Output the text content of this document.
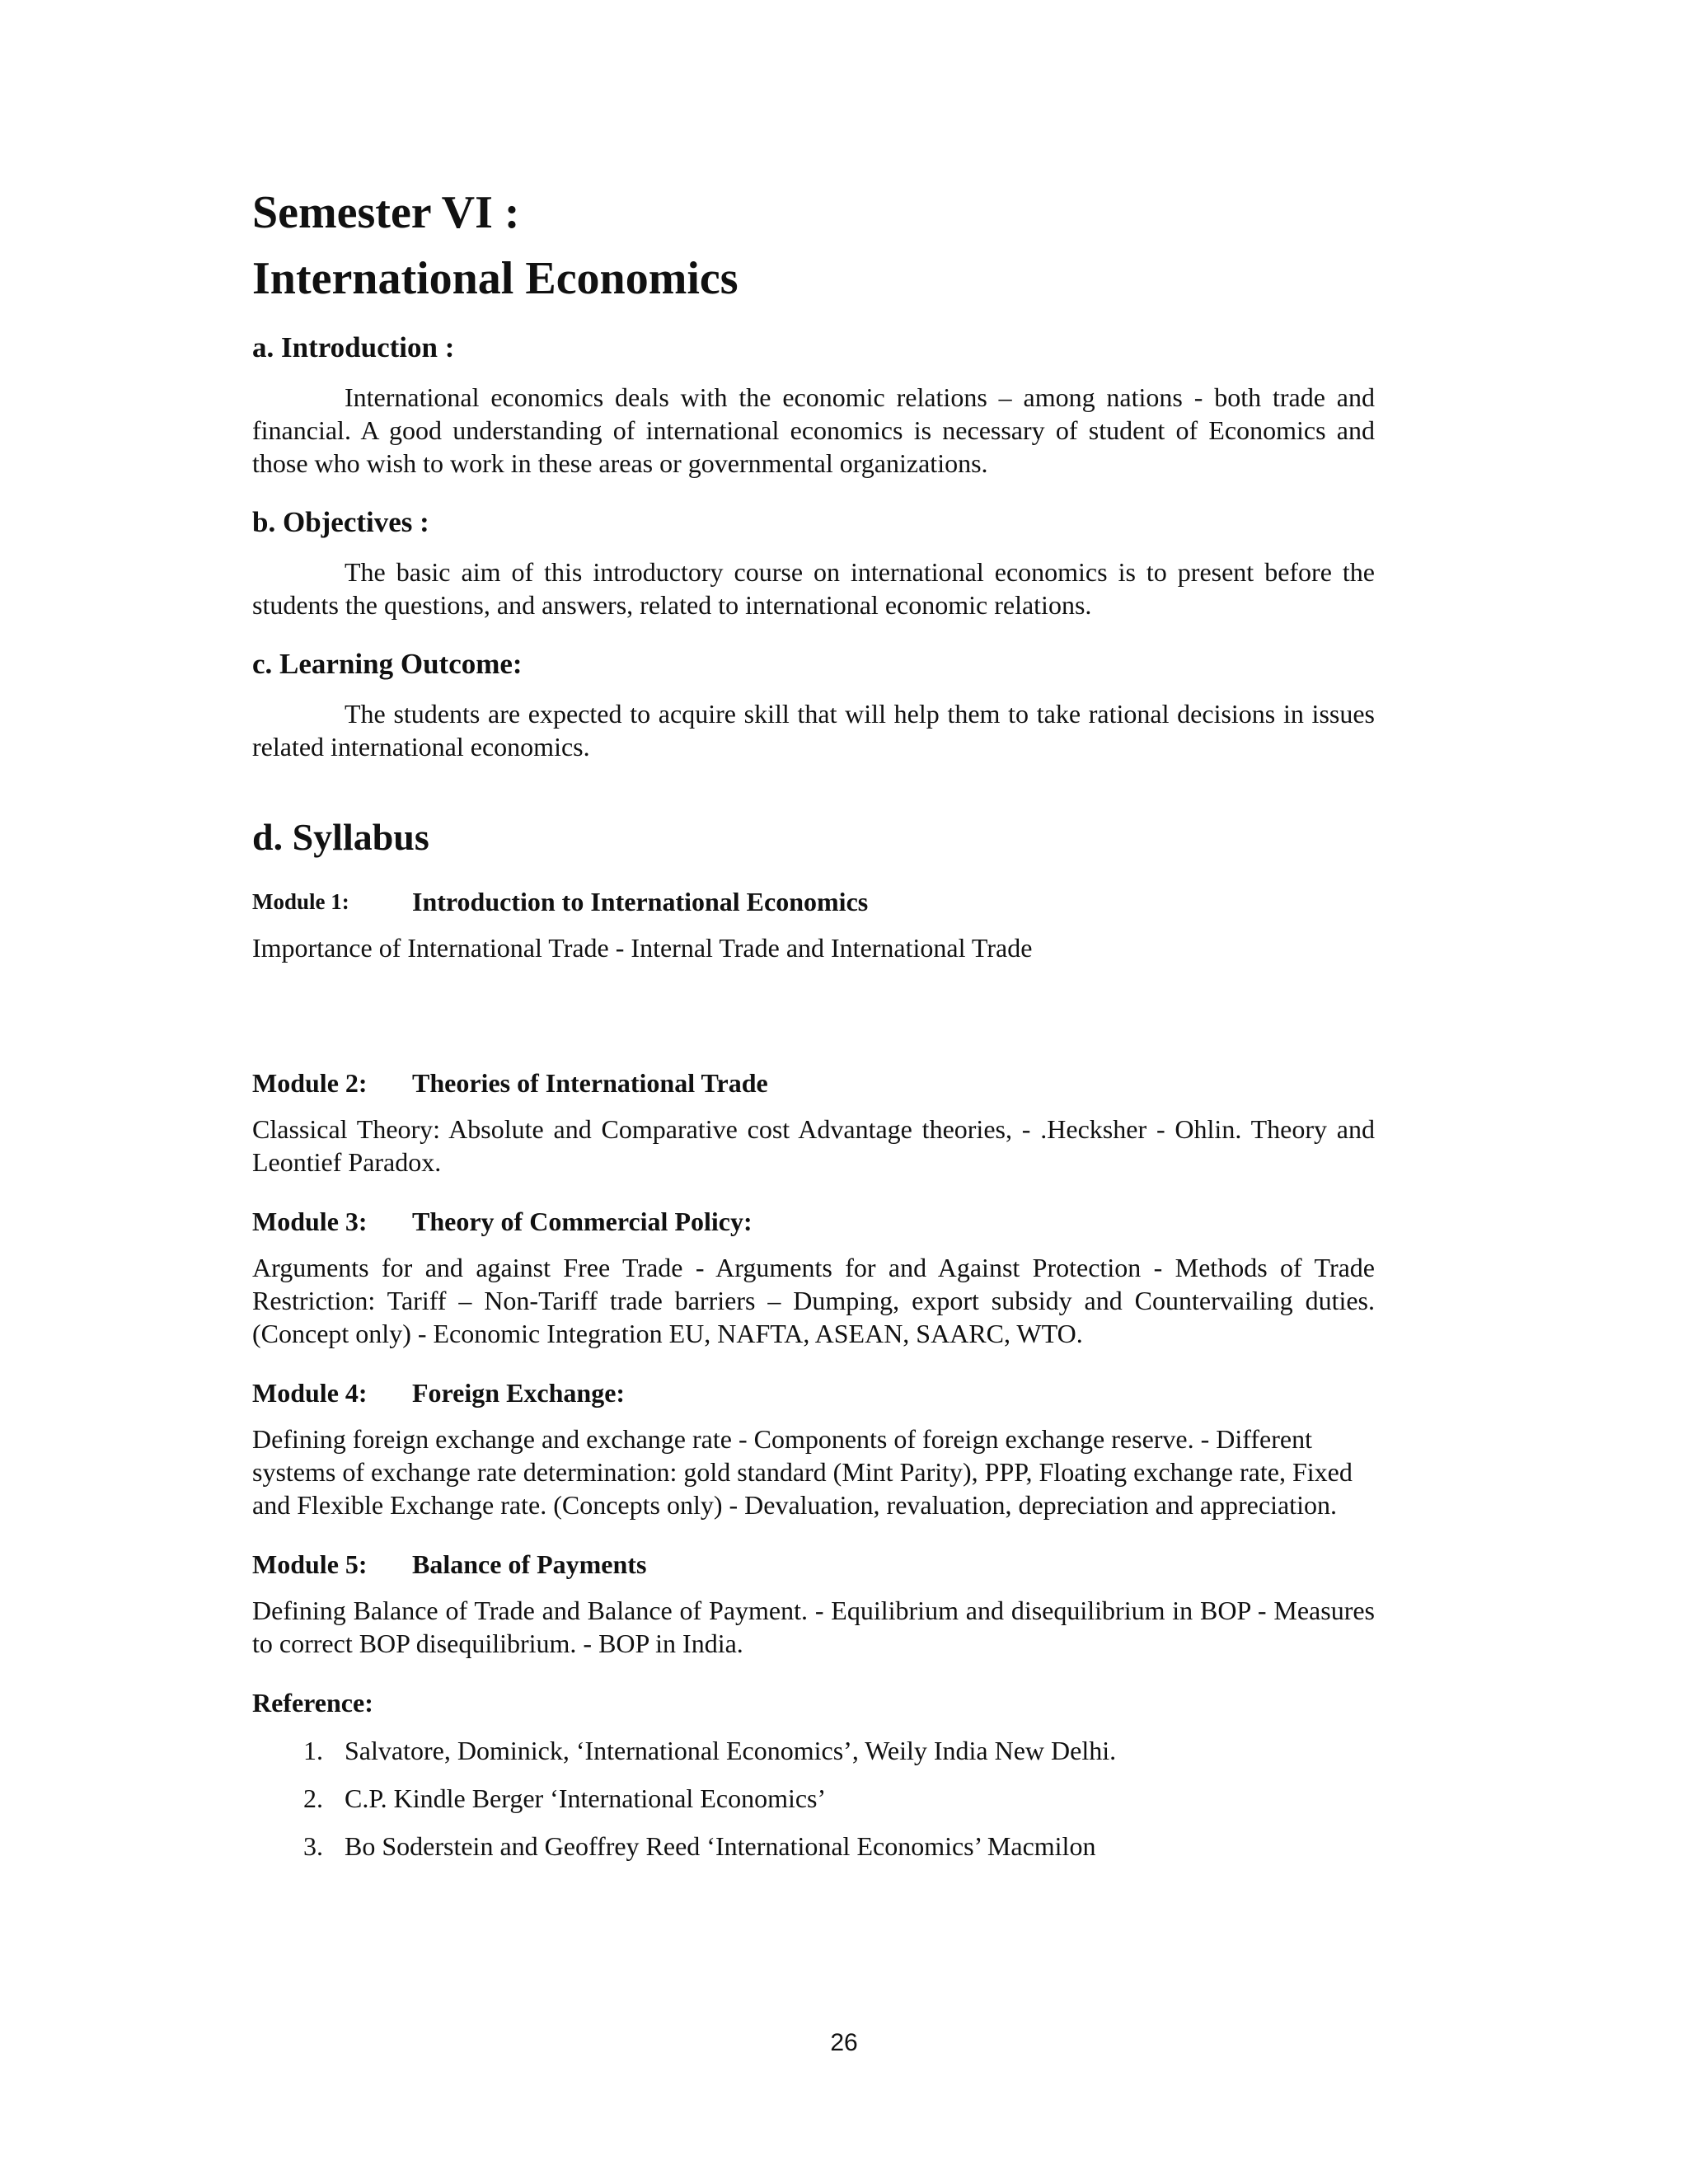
Semester VI :
International Economics
a. Introduction :

International economics deals with the economic relations – among nations - both trade and financial. A good understanding of international economics is necessary of student of Economics and those who wish to work in these areas or governmental organizations.

b. Objectives :

The basic aim of this introductory course on international economics is to present before the students the questions, and answers, related to international economic relations.

c. Learning Outcome:

The students are expected to acquire skill that will help them to take rational decisions in issues related international economics.

d. Syllabus
Module 1:	Introduction to International Economics

Importance of International Trade - Internal Trade and International Trade

Module 2:	Theories of International Trade

Classical Theory: Absolute and Comparative cost Advantage theories, - .Hecksher - Ohlin. Theory and Leontief Paradox.

Module 3:	Theory of Commercial Policy:

Arguments for and against Free Trade - Arguments for and Against Protection - Methods of Trade Restriction: Tariff – Non-Tariff trade barriers – Dumping, export subsidy and Countervailing duties. (Concept only) - Economic Integration EU, NAFTA, ASEAN, SAARC, WTO.

Module 4:	Foreign Exchange:

Defining foreign exchange and exchange rate - Components of foreign exchange reserve. - Different systems of exchange rate determination: gold standard (Mint Parity), PPP, Floating exchange rate, Fixed and Flexible Exchange rate. (Concepts only) - Devaluation, revaluation, depreciation and appreciation.

Module 5:	Balance of Payments

Defining Balance of Trade and Balance of Payment. - Equilibrium and disequilibrium in BOP - Measures to correct BOP disequilibrium. - BOP in India.

Reference:
1. Salvatore, Dominick, ‘International Economics’, Weily India New Delhi.
2. C.P. Kindle Berger ‘International Economics’
3. Bo Soderstein and Geoffrey Reed ‘International Economics’ Macmilon
26
